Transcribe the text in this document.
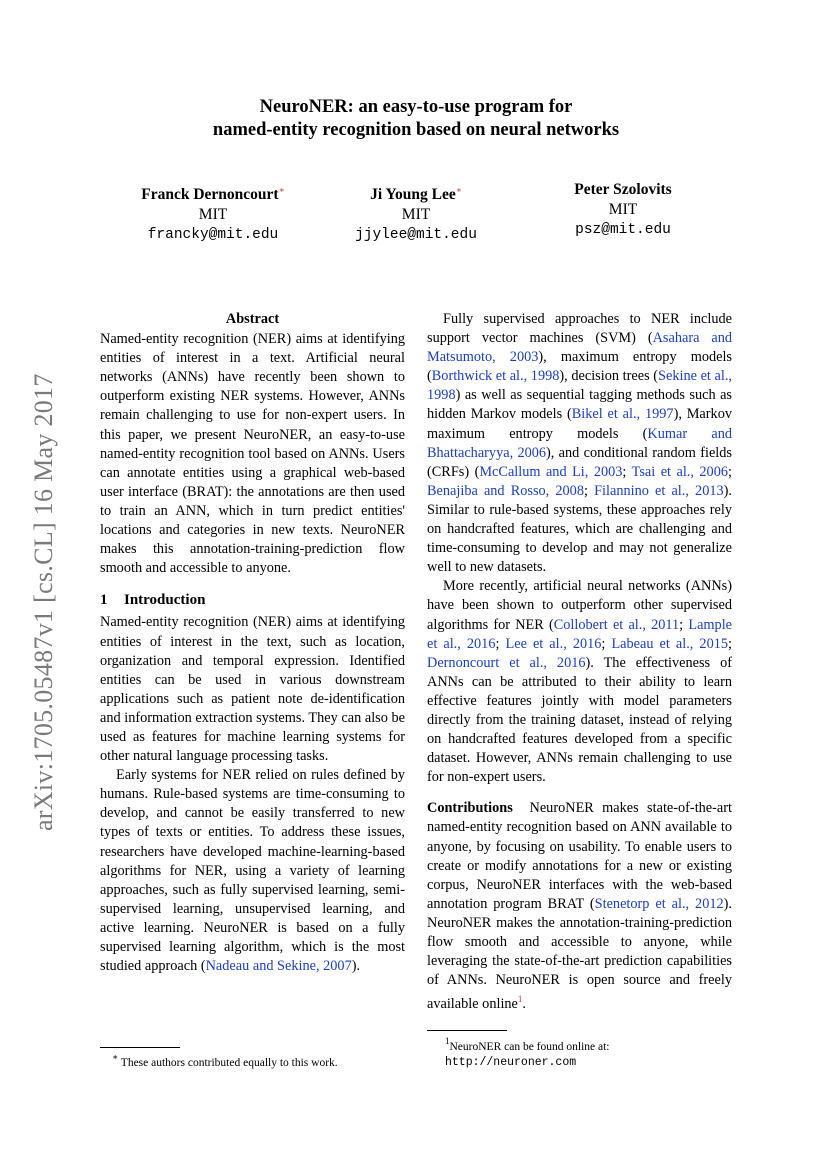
arXiv:1705.05487v1 [cs.CL] 16 May 2017
NeuroNER: an easy-to-use program for
named-entity recognition based on neural networks
Franck Dernoncourt∗
MIT
francky@mit.edu
Ji Young Lee∗
MIT
jjylee@mit.edu
Peter Szolovits
MIT
psz@mit.edu
Abstract

Named-entity recognition (NER) aims at identifying entities of interest in a text. Artificial neural networks (ANNs) have recently been shown to outperform existing NER systems. However, ANNs remain challenging to use for non-expert users. In this paper, we present NeuroNER, an easy-to-use named-entity recognition tool based on ANNs. Users can annotate entities using a graphical web-based user interface (BRAT): the annotations are then used to train an ANN, which in turn predict entities' locations and categories in new texts. NeuroNER makes this annotation-training-prediction flow smooth and accessible to anyone.

1 Introduction

Named-entity recognition (NER) aims at identifying entities of interest in the text, such as location, organization and temporal expression. Identified entities can be used in various downstream applications such as patient note de-identification and information extraction systems. They can also be used as features for machine learning systems for other natural language processing tasks.

Early systems for NER relied on rules defined by humans. Rule-based systems are time-consuming to develop, and cannot be easily transferred to new types of texts or entities. To address these issues, researchers have developed machine-learning-based algorithms for NER, using a variety of learning approaches, such as fully supervised learning, semi-supervised learning, unsupervised learning, and active learning. NeuroNER is based on a fully supervised learning algorithm, which is the most studied approach (Nadeau and Sekine, 2007).

∗ These authors contributed equally to this work.

Fully supervised approaches to NER include support vector machines (SVM) (Asahara and Matsumoto, 2003), maximum entropy models (Borthwick et al., 1998), decision trees (Sekine et al., 1998) as well as sequential tagging methods such as hidden Markov models (Bikel et al., 1997), Markov maximum entropy models (Kumar and Bhattacharyya, 2006), and conditional random fields (CRFs) (McCallum and Li, 2003; Tsai et al., 2006; Benajiba and Rosso, 2008; Filannino et al., 2013). Similar to rule-based systems, these approaches rely on handcrafted features, which are challenging and time-consuming to develop and may not generalize well to new datasets.

More recently, artificial neural networks (ANNs) have been shown to outperform other supervised algorithms for NER (Collobert et al., 2011; Lample et al., 2016; Lee et al., 2016; Labeau et al., 2015; Dernoncourt et al., 2016). The effectiveness of ANNs can be attributed to their ability to learn effective features jointly with model parameters directly from the training dataset, instead of relying on handcrafted features developed from a specific dataset. However, ANNs remain challenging to use for non-expert users.

Contributions NeuroNER makes state-of-the-art named-entity recognition based on ANN available to anyone, by focusing on usability. To enable users to create or modify annotations for a new or existing corpus, NeuroNER interfaces with the web-based annotation program BRAT (Stenetorp et al., 2012). NeuroNER makes the annotation-training-prediction flow smooth and accessible to anyone, while leveraging the state-of-the-art prediction capabilities of ANNs. NeuroNER is open source and freely available online$^1$.

$^1$NeuroNER can be found online at:
http://neuroner.com
